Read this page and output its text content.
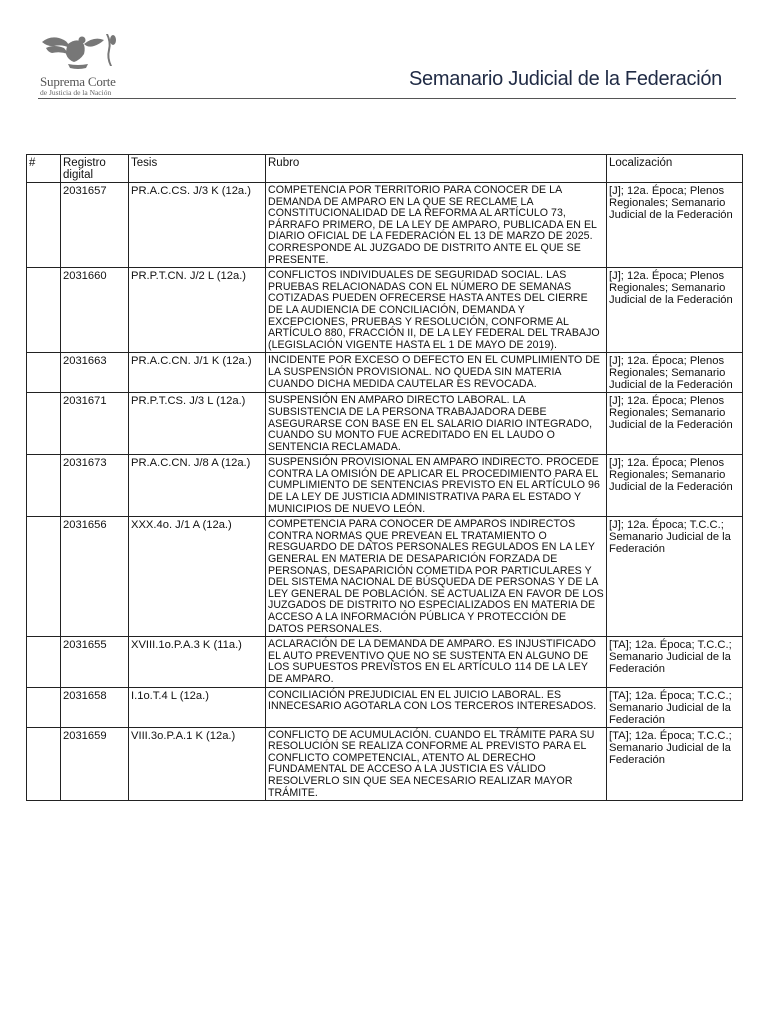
Suprema Corte
de Justicia de la Nación
Semanario Judicial de la Federación
#	Registro digital	Tesis	Rubro	Localización
	2031657	PR.A.C.CS. J/3 K (12a.)	COMPETENCIA POR TERRITORIO PARA CONOCER DE LA DEMANDA DE AMPARO EN LA QUE SE RECLAME LA CONSTITUCIONALIDAD DE LA REFORMA AL ARTÍCULO 73, PÁRRAFO PRIMERO, DE LA LEY DE AMPARO, PUBLICADA EN EL DIARIO OFICIAL DE LA FEDERACIÓN EL 13 DE MARZO DE 2025. CORRESPONDE AL JUZGADO DE DISTRITO ANTE EL QUE SE PRESENTE.	[J]; 12a. Época; Plenos Regionales; Semanario Judicial de la Federación
	2031660	PR.P.T.CN. J/2 L (12a.)	CONFLICTOS INDIVIDUALES DE SEGURIDAD SOCIAL. LAS PRUEBAS RELACIONADAS CON EL NÚMERO DE SEMANAS COTIZADAS PUEDEN OFRECERSE HASTA ANTES DEL CIERRE DE LA AUDIENCIA DE CONCILIACIÓN, DEMANDA Y EXCEPCIONES, PRUEBAS Y RESOLUCIÓN, CONFORME AL ARTÍCULO 880, FRACCIÓN II, DE LA LEY FEDERAL DEL TRABAJO (LEGISLACIÓN VIGENTE HASTA EL 1 DE MAYO DE 2019).	[J]; 12a. Época; Plenos Regionales; Semanario Judicial de la Federación
	2031663	PR.A.C.CN. J/1 K (12a.)	INCIDENTE POR EXCESO O DEFECTO EN EL CUMPLIMIENTO DE LA SUSPENSIÓN PROVISIONAL. NO QUEDA SIN MATERIA CUANDO DICHA MEDIDA CAUTELAR ES REVOCADA.	[J]; 12a. Época; Plenos Regionales; Semanario Judicial de la Federación
	2031671	PR.P.T.CS. J/3 L (12a.)	SUSPENSIÓN EN AMPARO DIRECTO LABORAL. LA SUBSISTENCIA DE LA PERSONA TRABAJADORA DEBE ASEGURARSE CON BASE EN EL SALARIO DIARIO INTEGRADO, CUANDO SU MONTO FUE ACREDITADO EN EL LAUDO O SENTENCIA RECLAMADA.	[J]; 12a. Época; Plenos Regionales; Semanario Judicial de la Federación
	2031673	PR.A.C.CN. J/8 A (12a.)	SUSPENSIÓN PROVISIONAL EN AMPARO INDIRECTO. PROCEDE CONTRA LA OMISIÓN DE APLICAR EL PROCEDIMIENTO PARA EL CUMPLIMIENTO DE SENTENCIAS PREVISTO EN EL ARTÍCULO 96 DE LA LEY DE JUSTICIA ADMINISTRATIVA PARA EL ESTADO Y MUNICIPIOS DE NUEVO LEÓN.	[J]; 12a. Época; Plenos Regionales; Semanario Judicial de la Federación
	2031656	XXX.4o. J/1 A (12a.)	COMPETENCIA PARA CONOCER DE AMPAROS INDIRECTOS CONTRA NORMAS QUE PREVEAN EL TRATAMIENTO O RESGUARDO DE DATOS PERSONALES REGULADOS EN LA LEY GENERAL EN MATERIA DE DESAPARICIÓN FORZADA DE PERSONAS, DESAPARICIÓN COMETIDA POR PARTICULARES Y DEL SISTEMA NACIONAL DE BÚSQUEDA DE PERSONAS Y DE LA LEY GENERAL DE POBLACIÓN. SE ACTUALIZA EN FAVOR DE LOS JUZGADOS DE DISTRITO NO ESPECIALIZADOS EN MATERIA DE ACCESO A LA INFORMACIÓN PÚBLICA Y PROTECCIÓN DE DATOS PERSONALES.	[J]; 12a. Época; T.C.C.; Semanario Judicial de la Federación
	2031655	XVIII.1o.P.A.3 K (11a.)	ACLARACIÓN DE LA DEMANDA DE AMPARO. ES INJUSTIFICADO EL AUTO PREVENTIVO QUE NO SE SUSTENTA EN ALGUNO DE LOS SUPUESTOS PREVISTOS EN EL ARTÍCULO 114 DE LA LEY DE AMPARO.	[TA]; 12a. Época; T.C.C.; Semanario Judicial de la Federación
	2031658	I.1o.T.4 L (12a.)	CONCILIACIÓN PREJUDICIAL EN EL JUICIO LABORAL. ES INNECESARIO AGOTARLA CON LOS TERCEROS INTERESADOS.	[TA]; 12a. Época; T.C.C.; Semanario Judicial de la Federación
	2031659	VIII.3o.P.A.1 K (12a.)	CONFLICTO DE ACUMULACIÓN. CUANDO EL TRÁMITE PARA SU RESOLUCIÓN SE REALIZA CONFORME AL PREVISTO PARA EL CONFLICTO COMPETENCIAL, ATENTO AL DERECHO FUNDAMENTAL DE ACCESO A LA JUSTICIA ES VÁLIDO RESOLVERLO SIN QUE SEA NECESARIO REALIZAR MAYOR TRÁMITE.	[TA]; 12a. Época; T.C.C.; Semanario Judicial de la Federación
